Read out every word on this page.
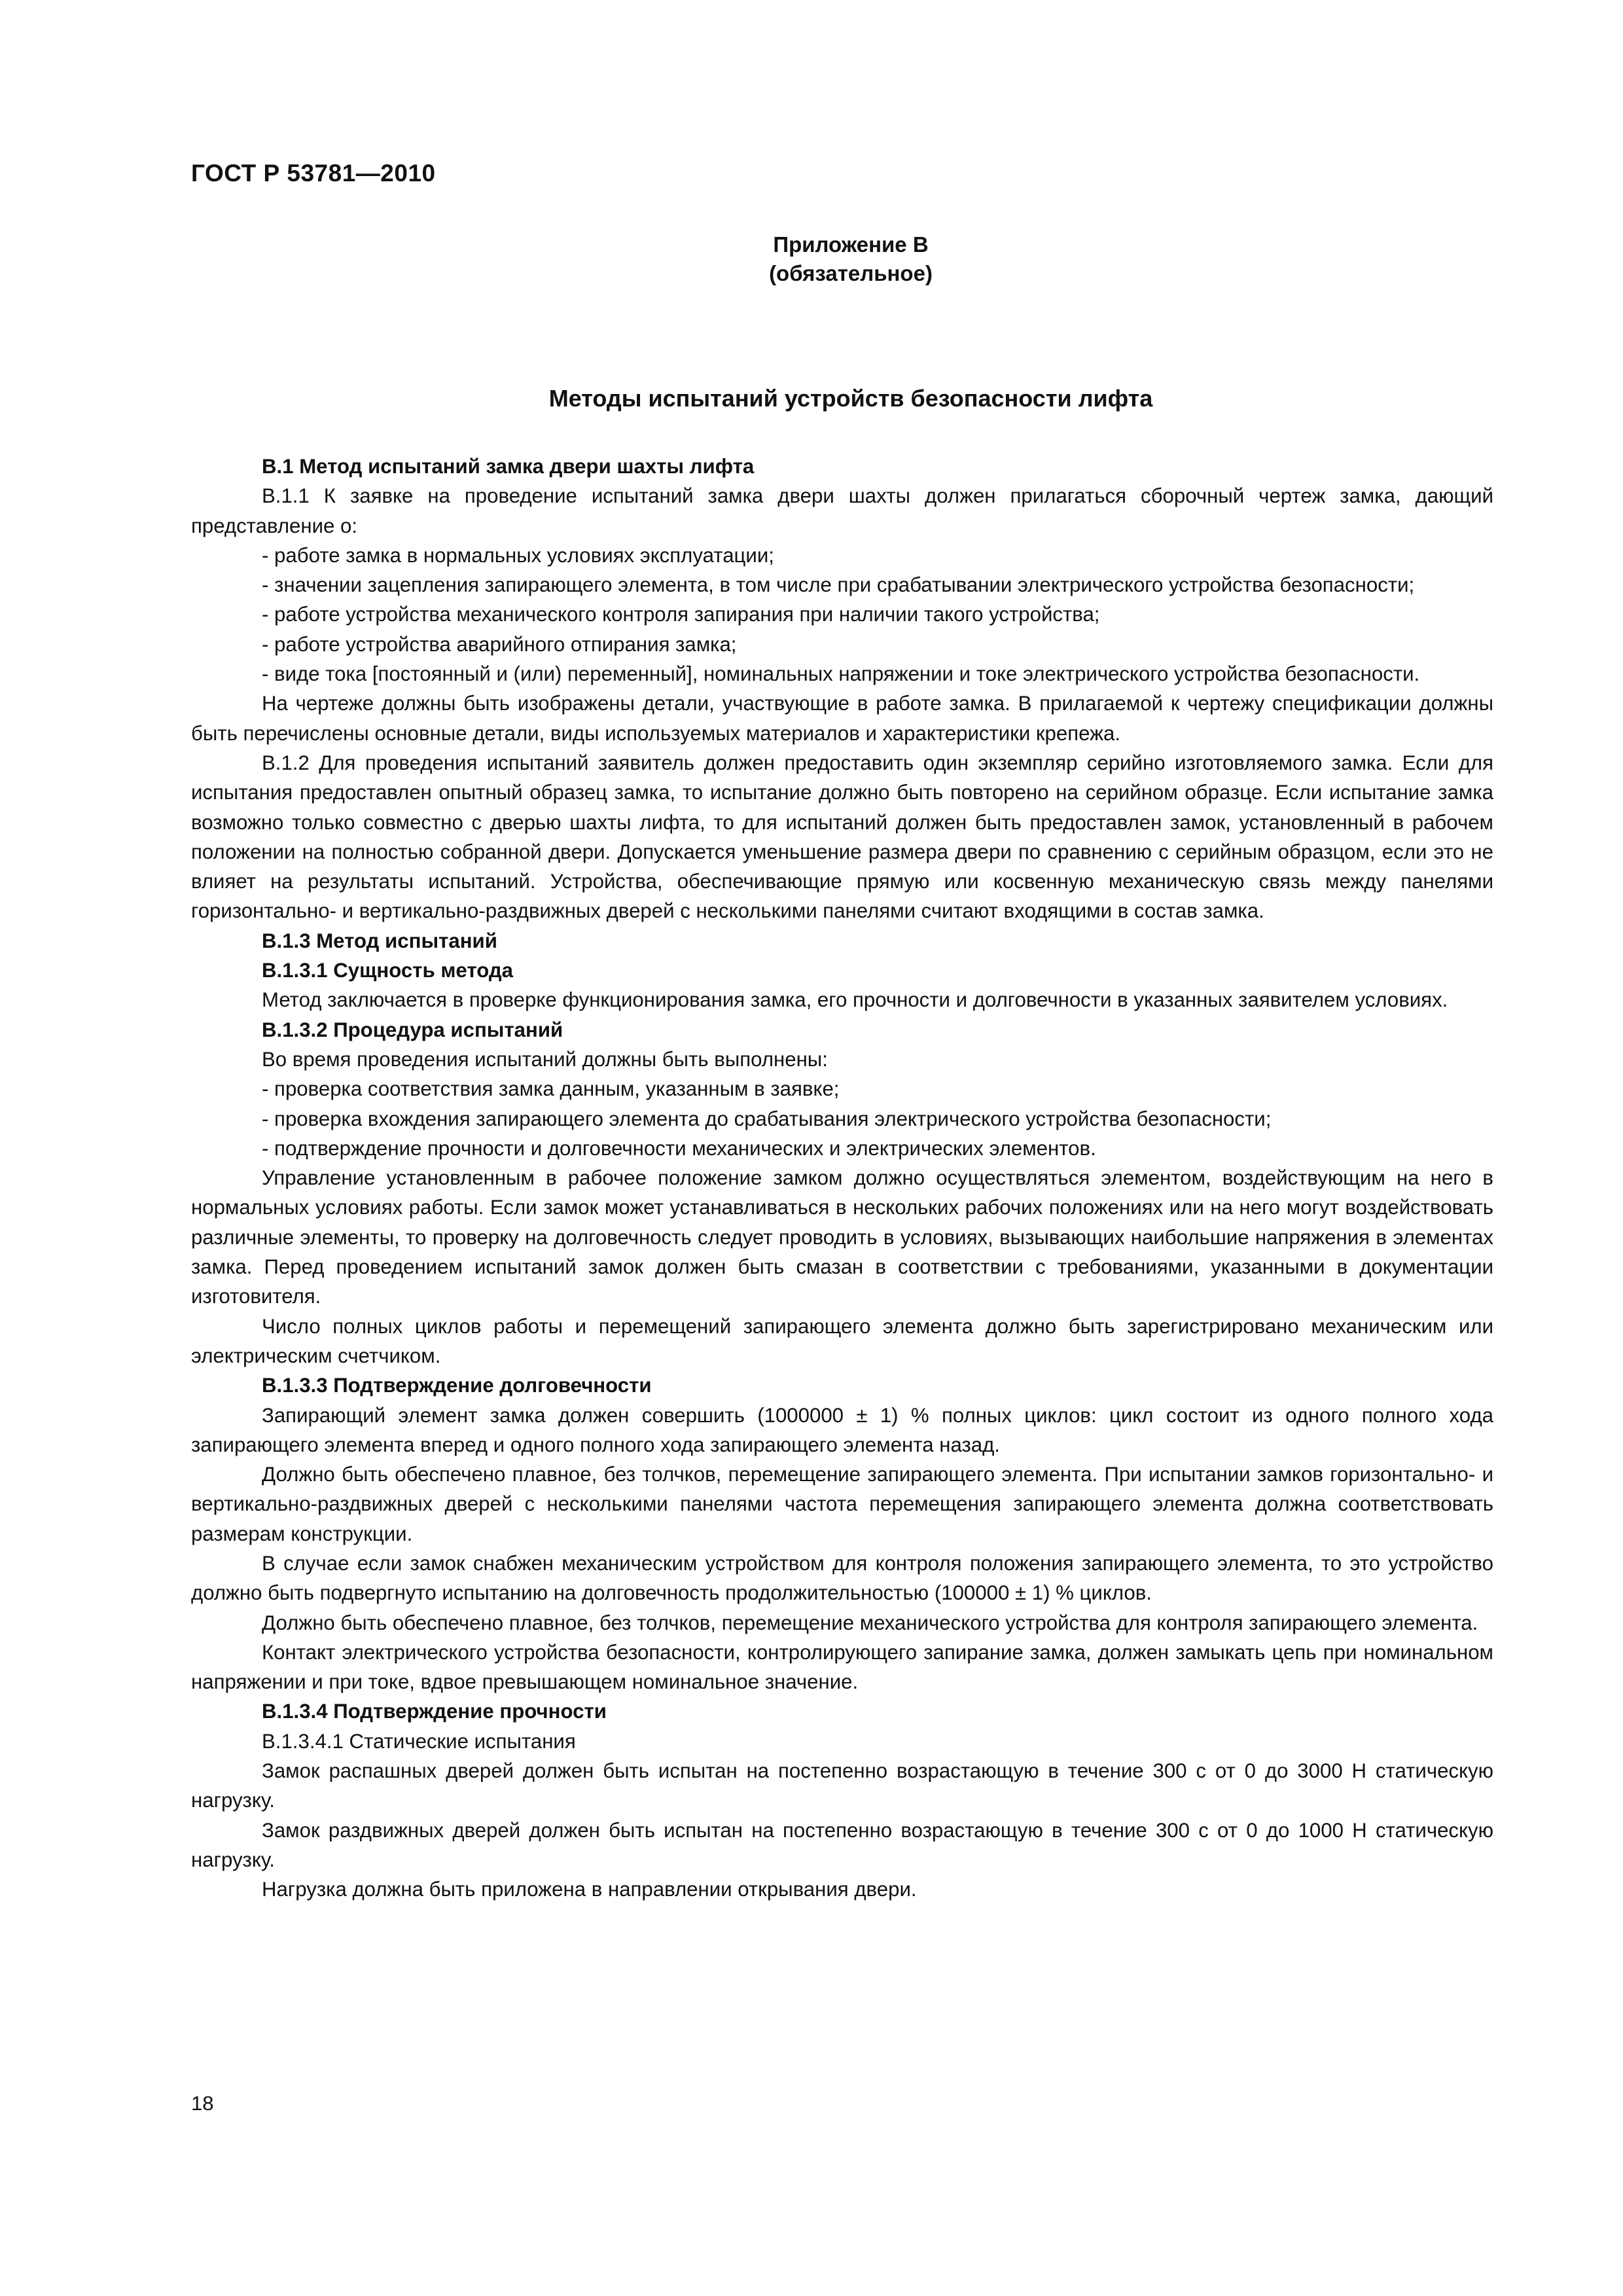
ГОСТ Р 53781—2010
Приложение В
(обязательное)
Методы испытаний устройств безопасности лифта

В.1 Метод испытаний замка двери шахты лифта

В.1.1 К заявке на проведение испытаний замка двери шахты должен прилагаться сборочный чертеж замка, дающий представление о:

- работе замка в нормальных условиях эксплуатации;

- значении зацепления запирающего элемента, в том числе при срабатывании электрического устройства безопасности;

- работе устройства механического контроля запирания при наличии такого устройства;

- работе устройства аварийного отпирания замка;

- виде тока [постоянный и (или) переменный], номинальных напряжении и токе электрического устройства безопасности.

На чертеже должны быть изображены детали, участвующие в работе замка. В прилагаемой к чертежу спецификации должны быть перечислены основные детали, виды используемых материалов и характеристики крепежа.

В.1.2 Для проведения испытаний заявитель должен предоставить один экземпляр серийно изготовляемого замка. Если для испытания предоставлен опытный образец замка, то испытание должно быть повторено на серийном образце. Если испытание замка возможно только совместно с дверью шахты лифта, то для испытаний должен быть предоставлен замок, установленный в рабочем положении на полностью собранной двери. Допускается уменьшение размера двери по сравнению с серийным образцом, если это не влияет на результаты испытаний. Устройства, обеспечивающие прямую или косвенную механическую связь между панелями горизонтально- и вертикально-раздвижных дверей с несколькими панелями считают входящими в состав замка.

В.1.3 Метод испытаний

В.1.3.1 Сущность метода

Метод заключается в проверке функционирования замка, его прочности и долговечности в указанных заявителем условиях.

В.1.3.2 Процедура испытаний

Во время проведения испытаний должны быть выполнены:

- проверка соответствия замка данным, указанным в заявке;

- проверка вхождения запирающего элемента до срабатывания электрического устройства безопасности;

- подтверждение прочности и долговечности механических и электрических элементов.

Управление установленным в рабочее положение замком должно осуществляться элементом, воздействующим на него в нормальных условиях работы. Если замок может устанавливаться в нескольких рабочих положениях или на него могут воздействовать различные элементы, то проверку на долговечность следует проводить в условиях, вызывающих наибольшие напряжения в элементах замка. Перед проведением испытаний замок должен быть смазан в соответствии с требованиями, указанными в документации изготовителя.

Число полных циклов работы и перемещений запирающего элемента должно быть зарегистрировано механическим или электрическим счетчиком.

В.1.3.3 Подтверждение долговечности

Запирающий элемент замка должен совершить (1000000 ± 1) % полных циклов: цикл состоит из одного полного хода запирающего элемента вперед и одного полного хода запирающего элемента назад.

Должно быть обеспечено плавное, без толчков, перемещение запирающего элемента. При испытании замков горизонтально- и вертикально-раздвижных дверей с несколькими панелями частота перемещения запирающего элемента должна соответствовать размерам конструкции.

В случае если замок снабжен механическим устройством для контроля положения запирающего элемента, то это устройство должно быть подвергнуто испытанию на долговечность продолжительностью (100000 ± 1) % циклов.

Должно быть обеспечено плавное, без толчков, перемещение механического устройства для контроля запирающего элемента.

Контакт электрического устройства безопасности, контролирующего запирание замка, должен замыкать цепь при номинальном напряжении и при токе, вдвое превышающем номинальное значение.

В.1.3.4 Подтверждение прочности

В.1.3.4.1 Статические испытания

Замок распашных дверей должен быть испытан на постепенно возрастающую в течение 300 с от 0 до 3000 Н статическую нагрузку.

Замок раздвижных дверей должен быть испытан на постепенно возрастающую в течение 300 с от 0 до 1000 Н статическую нагрузку.

Нагрузка должна быть приложена в направлении открывания двери.

18
